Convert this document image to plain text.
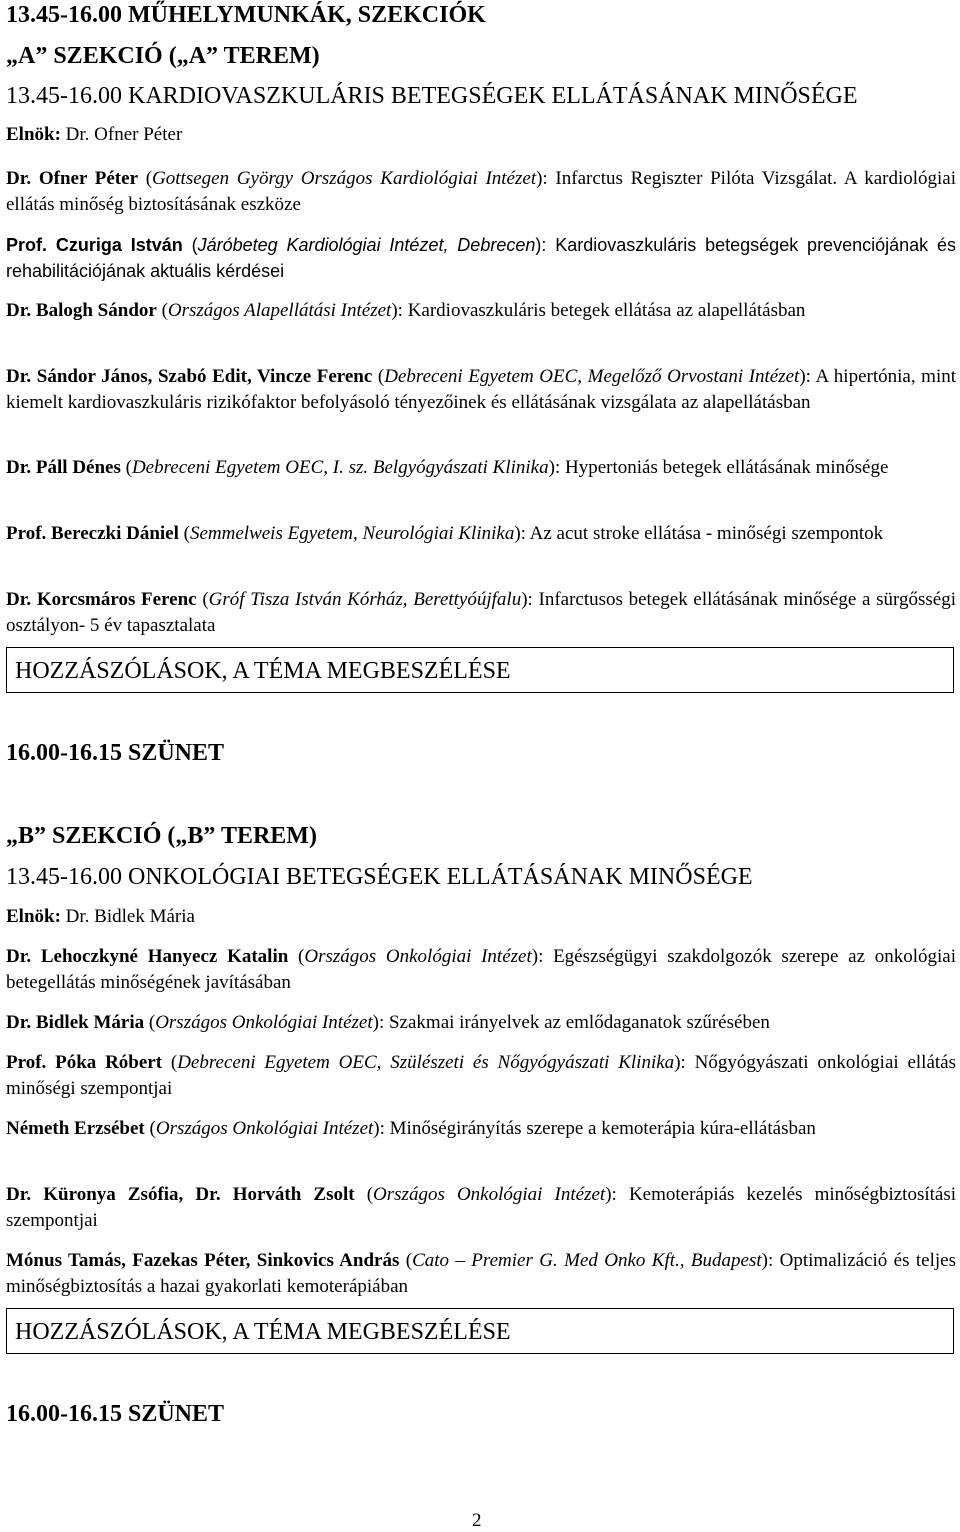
13.45-16.00 MŰHELYMUNKÁK, SZEKCIÓK
„A” SZEKCIÓ („A” TEREM)
13.45-16.00 KARDIOVASZKULÁRIS BETEGSÉGEK ELLÁTÁSÁNAK MINŐSÉGE
Elnök: Dr. Ofner Péter
Dr. Ofner Péter (Gottsegen György Országos Kardiológiai Intézet): Infarctus Regiszter Pilóta Vizsgálat. A kardiológiai ellátás minőség biztosításának eszköze
Prof. Czuriga István (Járóbeteg Kardiológiai Intézet, Debrecen): Kardiovaszkuláris betegségek prevenciójának és rehabilitációjának aktuális kérdései
Dr. Balogh Sándor (Országos Alapellátási Intézet): Kardiovaszkuláris betegek ellátása az alapellátásban
Dr. Sándor János, Szabó Edit, Vincze Ferenc (Debreceni Egyetem OEC, Megelőző Orvostani Intézet): A hipertónia, mint kiemelt kardiovaszkuláris rizikófaktor befolyásoló tényezőinek és ellátásának vizsgálata az alapellátásban
Dr. Páll Dénes (Debreceni Egyetem OEC, I. sz. Belgyógyászati Klinika): Hypertoniás betegek ellátásának minősége
Prof. Bereczki Dániel (Semmelweis Egyetem, Neurológiai Klinika): Az acut stroke ellátása - minőségi szempontok
Dr. Korcsmáros Ferenc (Gróf Tisza István Kórház, Berettyóújfalu): Infarctusos betegek ellátásának minősége a sürgősségi osztályon- 5 év tapasztalata
HOZZÁSZÓLÁSOK, A TÉMA MEGBESZÉLÉSE
16.00-16.15 SZÜNET
„B” SZEKCIÓ („B” TEREM)
13.45-16.00 ONKOLÓGIAI BETEGSÉGEK ELLÁTÁSÁNAK MINŐSÉGE
Elnök: Dr. Bidlek Mária
Dr. Lehoczkyné Hanyecz Katalin (Országos Onkológiai Intézet): Egészségügyi szakdolgozók szerepe az onkológiai betegellátás minőségének javításában
Dr. Bidlek Mária (Országos Onkológiai Intézet): Szakmai irányelvek az emlődaganatok szűrésében
Prof. Póka Róbert (Debreceni Egyetem OEC, Szülészeti és Nőgyógyászati Klinika): Nőgyógyászati onkológiai ellátás minőségi szempontjai
Németh Erzsébet (Országos Onkológiai Intézet): Minőségirányítás szerepe a kemoterápia kúra-ellátásban
Dr. Küronya Zsófia, Dr. Horváth Zsolt (Országos Onkológiai Intézet): Kemoterápiás kezelés minőségbiztosítási szempontjai
Mónus Tamás, Fazekas Péter, Sinkovics András (Cato – Premier G. Med Onko Kft., Budapest): Optimalizáció és teljes minőségbiztosítás a hazai gyakorlati kemoterápiában
HOZZÁSZÓLÁSOK, A TÉMA MEGBESZÉLÉSE
16.00-16.15 SZÜNET
2
